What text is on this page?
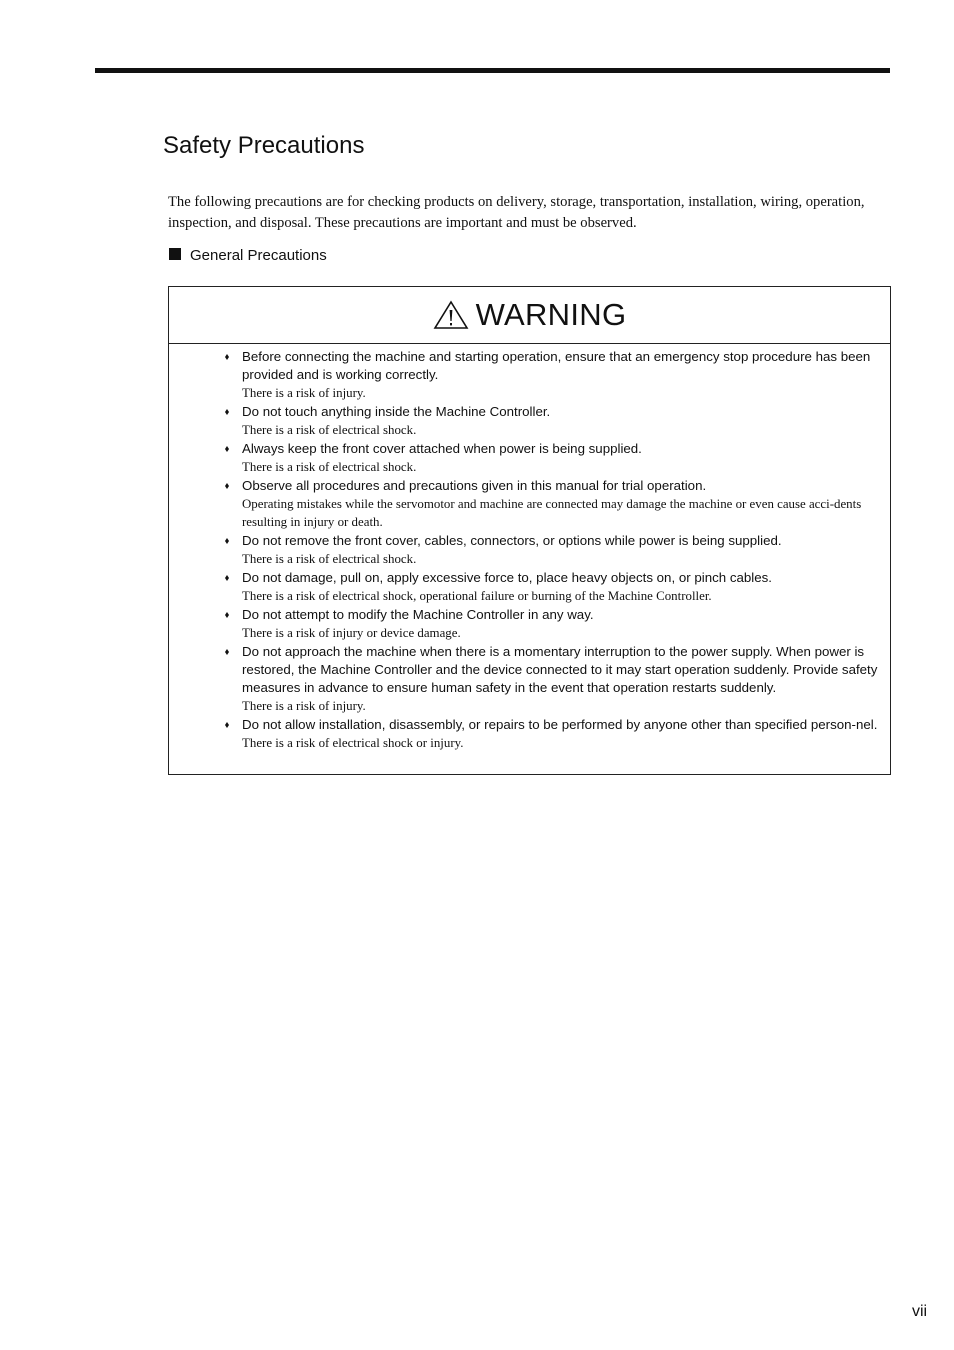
Safety Precautions

The following precautions are for checking products on delivery, storage, transportation, installation, wiring, operation, inspection, and disposal. These precautions are important and must be observed.

General Precautions
WARNING
Before connecting the machine and starting operation, ensure that an emergency stop procedure has been provided and is working correctly.
There is a risk of injury.
Do not touch anything inside the Machine Controller.
There is a risk of electrical shock.
Always keep the front cover attached when power is being supplied.
There is a risk of electrical shock.
Observe all procedures and precautions given in this manual for trial operation.
Operating mistakes while the servomotor and machine are connected may damage the machine or even cause acci-dents resulting in injury or death.
Do not remove the front cover, cables, connectors, or options while power is being supplied.
There is a risk of electrical shock.
Do not damage, pull on, apply excessive force to, place heavy objects on, or pinch cables.
There is a risk of electrical shock, operational failure or burning of the Machine Controller.
Do not attempt to modify the Machine Controller in any way.
There is a risk of injury or device damage.
Do not approach the machine when there is a momentary interruption to the power supply. When power is restored, the Machine Controller and the device connected to it may start operation suddenly. Provide safety measures in advance to ensure human safety in the event that operation restarts suddenly.
There is a risk of injury.
Do not allow installation, disassembly, or repairs to be performed by anyone other than specified person-nel.
There is a risk of electrical shock or injury.
vii
